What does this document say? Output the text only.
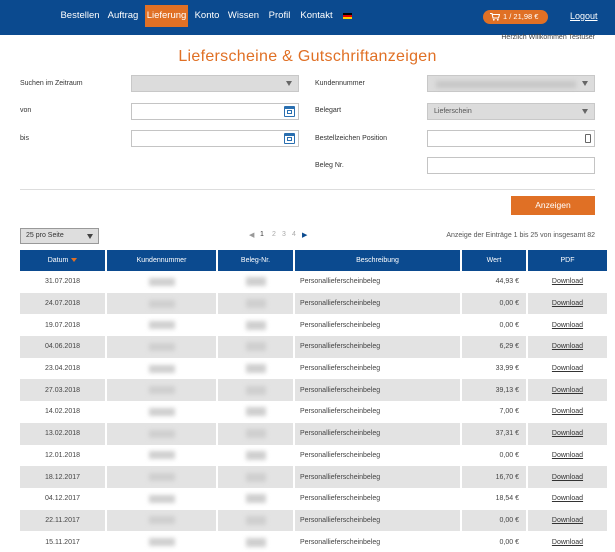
Bestellen Auftrag Lieferung Konto Wissen Profil Kontakt	1 / 21,98 €	Logout
Herzlich Willkommen Testuser
Lieferscheine & Gutschriftanzeigen
Suchen im Zeitraum
von
bis
Kundennummer
Belegart	Lieferschein
Bestellzeichen Position
Beleg Nr.
Anzeigen
25 pro Seite	◀ 1 2 3 4 ▶	Anzeige der Einträge 1 bis 25 von insgesamt 82
Datum	Kundennummer	Beleg-Nr.	Beschreibung	Wert	PDF
31.07.2018			Personallieferscheinbeleg	44,93 €	Download
24.07.2018			Personallieferscheinbeleg	0,00 €	Download
19.07.2018			Personallieferscheinbeleg	0,00 €	Download
04.06.2018			Personallieferscheinbeleg	6,29 €	Download
23.04.2018			Personallieferscheinbeleg	33,99 €	Download
27.03.2018			Personallieferscheinbeleg	39,13 €	Download
14.02.2018			Personallieferscheinbeleg	7,00 €	Download
13.02.2018			Personallieferscheinbeleg	37,31 €	Download
12.01.2018			Personallieferscheinbeleg	0,00 €	Download
18.12.2017			Personallieferscheinbeleg	16,70 €	Download
04.12.2017			Personallieferscheinbeleg	18,54 €	Download
22.11.2017			Personallieferscheinbeleg	0,00 €	Download
15.11.2017			Personallieferscheinbeleg	0,00 €	Download
